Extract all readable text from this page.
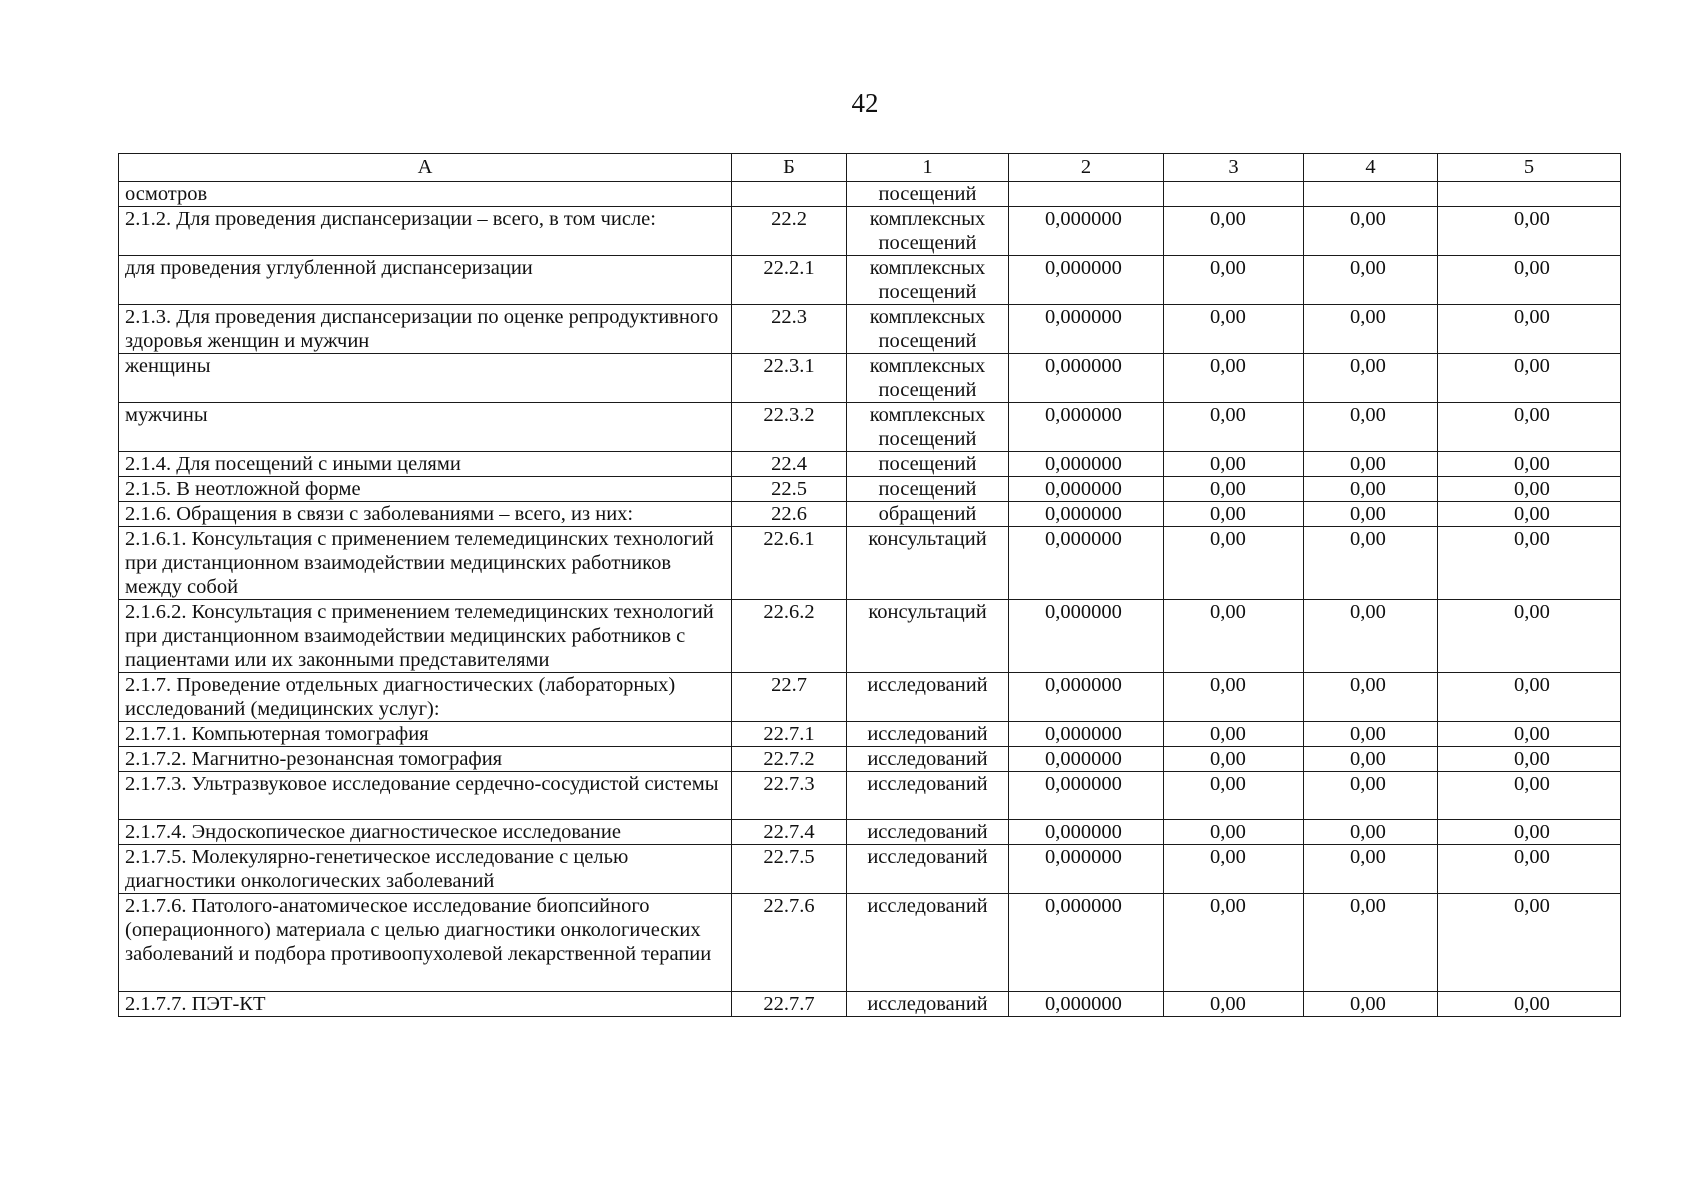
42
А	Б	1	2	3	4	5
осмотров		посещений				
2.1.2. Для проведения диспансеризации – всего, в том числе:	22.2	комплексных посещений	0,000000	0,00	0,00	0,00
для проведения углубленной диспансеризации	22.2.1	комплексных посещений	0,000000	0,00	0,00	0,00
2.1.3. Для проведения диспансеризации по оценке репродуктивного здоровья женщин и мужчин	22.3	комплексных посещений	0,000000	0,00	0,00	0,00
женщины	22.3.1	комплексных посещений	0,000000	0,00	0,00	0,00
мужчины	22.3.2	комплексных посещений	0,000000	0,00	0,00	0,00
2.1.4. Для посещений с иными целями	22.4	посещений	0,000000	0,00	0,00	0,00
2.1.5. В неотложной форме	22.5	посещений	0,000000	0,00	0,00	0,00
2.1.6. Обращения в связи с заболеваниями – всего, из них:	22.6	обращений	0,000000	0,00	0,00	0,00
2.1.6.1. Консультация с применением телемедицинских технологий при дистанционном взаимодействии медицинских работников между собой	22.6.1	консультаций	0,000000	0,00	0,00	0,00
2.1.6.2. Консультация с применением телемедицинских технологий при дистанционном взаимодействии медицинских работников с пациентами или их законными представителями	22.6.2	консультаций	0,000000	0,00	0,00	0,00
2.1.7. Проведение отдельных диагностических (лабораторных) исследований (медицинских услуг):	22.7	исследований	0,000000	0,00	0,00	0,00
2.1.7.1. Компьютерная томография	22.7.1	исследований	0,000000	0,00	0,00	0,00
2.1.7.2. Магнитно-резонансная томография	22.7.2	исследований	0,000000	0,00	0,00	0,00
2.1.7.3. Ультразвуковое исследование сердечно-сосудистой системы	22.7.3	исследований	0,000000	0,00	0,00	0,00
2.1.7.4. Эндоскопическое диагностическое исследование	22.7.4	исследований	0,000000	0,00	0,00	0,00
2.1.7.5. Молекулярно-генетическое исследование с целью диагностики онкологических заболеваний	22.7.5	исследований	0,000000	0,00	0,00	0,00
2.1.7.6. Патолого-анатомическое исследование биопсийного (операционного) материала с целью диагностики онкологических заболеваний и подбора противоопухолевой лекарственной терапии	22.7.6	исследований	0,000000	0,00	0,00	0,00
2.1.7.7. ПЭТ-КТ	22.7.7	исследований	0,000000	0,00	0,00	0,00
